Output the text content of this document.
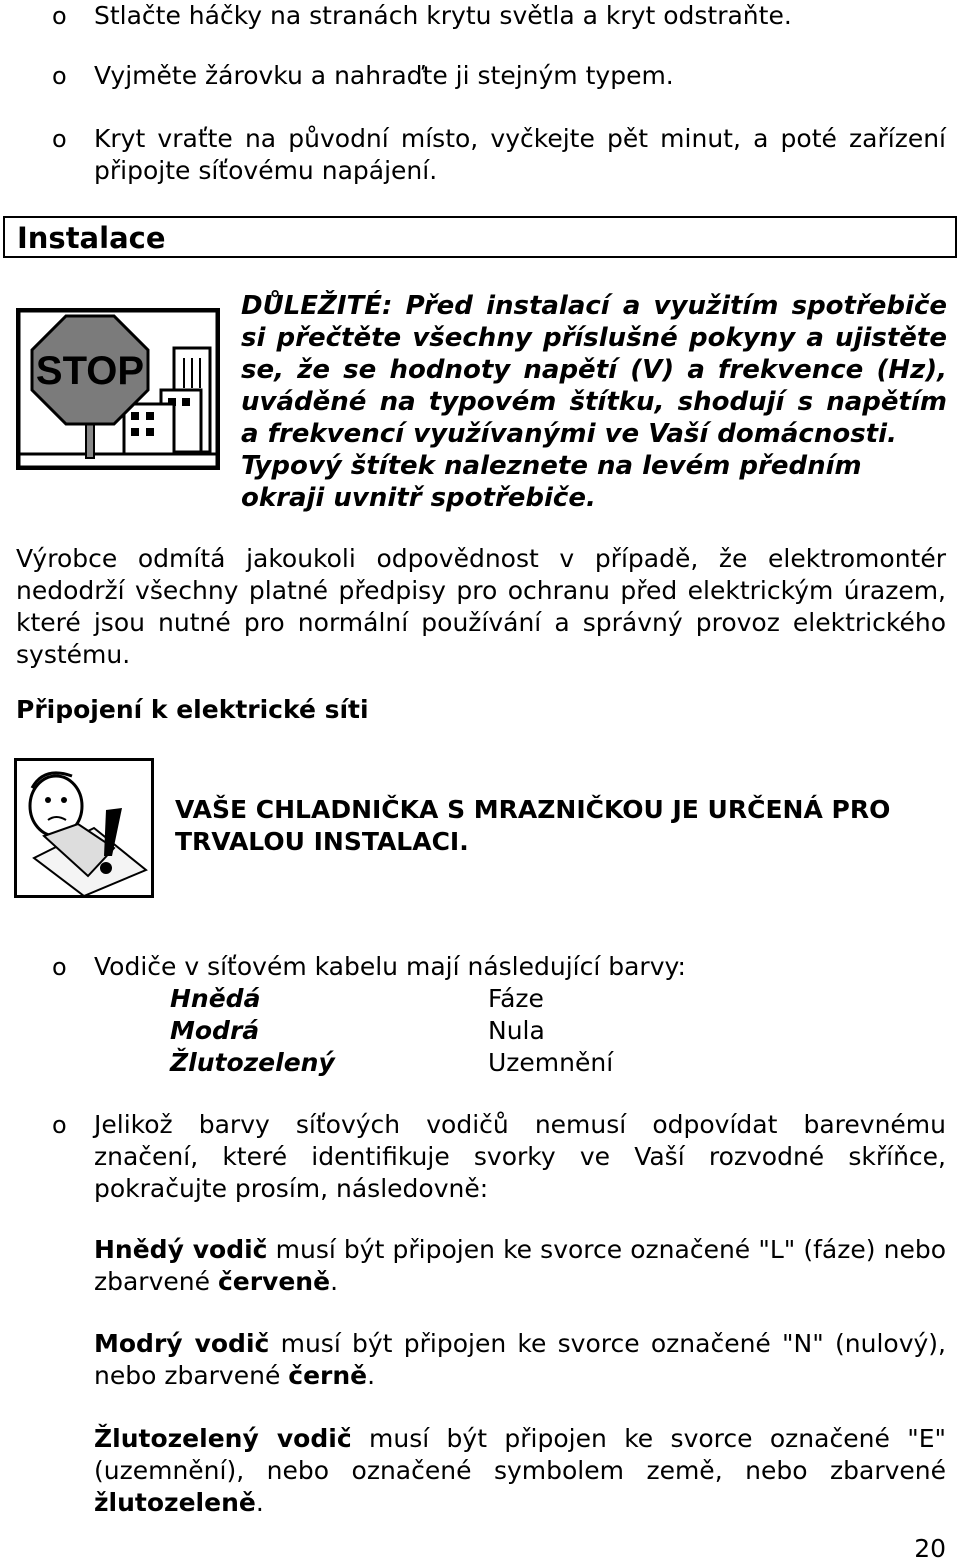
o Stlačte háčky na stranách krytu světla a kryt odstraňte.
o Vyjměte žárovku a nahraďte ji stejným typem.
o Kryt vraťte na původní místo, vyčkejte pět minut, a poté zařízení připojte síťovému napájení.
Instalace
STOP
DŮLEŽITÉ: Před instalací a využitím spotřebiče si přečtěte všechny příslušné pokyny a ujistěte se, že se hodnoty napětí (V) a frekvence (Hz), uváděné na typovém štítku, shodují s napětím a frekvencí využívanými ve Vaší domácnosti.
Typový štítek naleznete na levém předním okraji uvnitř spotřebiče.
Výrobce odmítá jakoukoli odpovědnost v případě, že elektromontér nedodrží všechny platné předpisy pro ochranu před elektrickým úrazem, které jsou nutné pro normální používání a správný provoz elektrického systému.
Připojení k elektrické síti
VAŠE CHLADNIČKA S MRAZNIČKOU JE URČENÁ PRO TRVALOU INSTALACI.
o Vodiče v síťovém kabelu mají následující barvy:
Hnědá	Fáze
Modrá	Nula
Žlutozelený	Uzemnění
o Jelikož barvy síťových vodičů nemusí odpovídat barevnému značení, které identifikuje svorky ve Vaší rozvodné skříňce, pokračujte prosím, následovně:
Hnědý vodič musí být připojen ke svorce označené "L" (fáze) nebo zbarvené červeně.
Modrý vodič musí být připojen ke svorce označené "N" (nulový), nebo zbarvené černě.
Žlutozelený vodič musí být připojen ke svorce označené "E" (uzemnění), nebo označené symbolem země, nebo zbarvené žlutozeleně.
20
